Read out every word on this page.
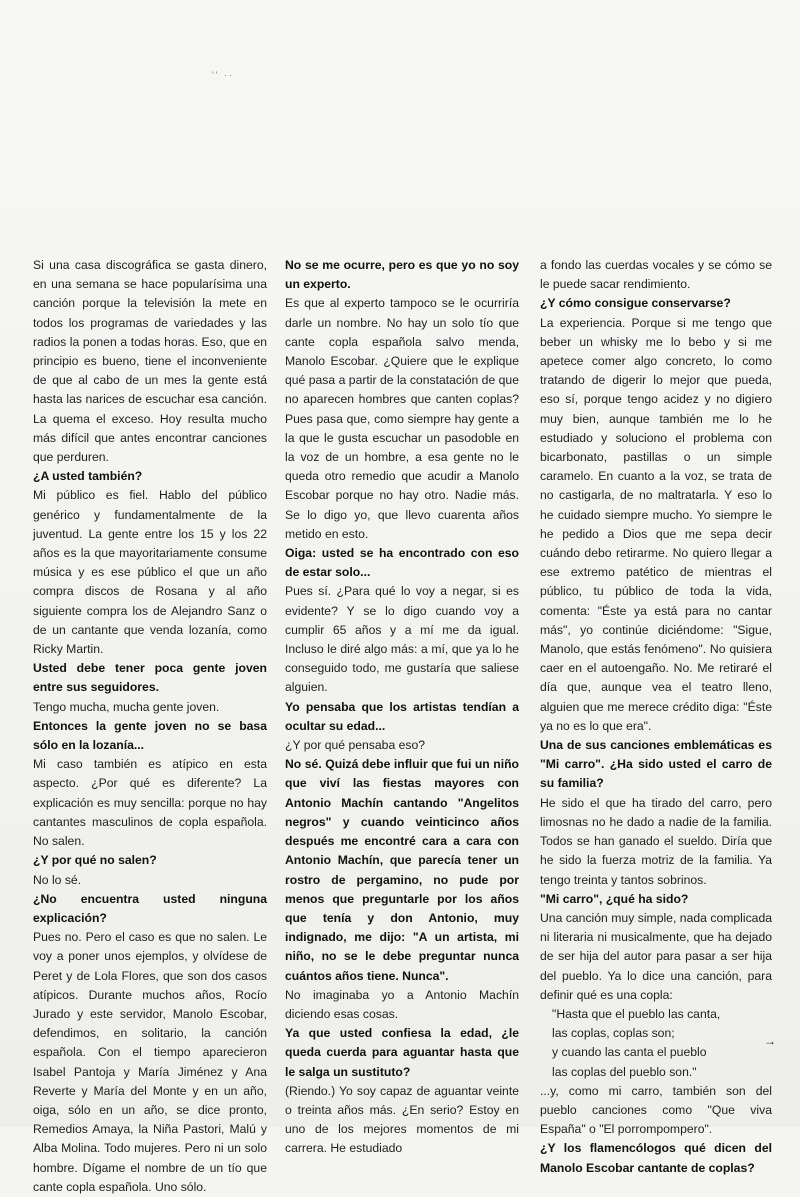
'' ··

Si una casa discográfica se gasta dinero, en una semana se hace popularísima una canción porque la televisión la mete en todos los programas de variedades y las radios la ponen a todas horas. Eso, que en principio es bueno, tiene el inconveniente de que al cabo de un mes la gente está hasta las narices de escuchar esa canción. La quema el exceso. Hoy resulta mucho más difícil que antes encontrar canciones que perduren.

¿A usted también?

Mi público es fiel. Hablo del público genérico y fundamentalmente de la juventud. La gente entre los 15 y los 22 años es la que mayoritariamente consume música y es ese público el que un año compra discos de Rosana y al año siguiente compra los de Alejandro Sanz o de un cantante que venda lozanía, como Ricky Martin.

Usted debe tener poca gente joven entre sus seguidores.

Tengo mucha, mucha gente joven.

Entonces la gente joven no se basa sólo en la lozanía...

Mi caso también es atípico en esta aspecto. ¿Por qué es diferente? La explicación es muy sencilla: porque no hay cantantes masculinos de copla española. No salen.

¿Y por qué no salen?

No lo sé.

¿No encuentra usted ninguna explicación?

Pues no. Pero el caso es que no salen. Le voy a poner unos ejemplos, y olvídese de Peret y de Lola Flores, que son dos casos atípicos. Durante muchos años, Rocío Jurado y este servidor, Manolo Escobar, defendimos, en solitario, la canción española. Con el tiempo aparecieron Isabel Pantoja y María Jiménez y Ana Reverte y María del Monte y en un año, oiga, sólo en un año, se dice pronto, Remedios Amaya, la Niña Pastori, Malú y Alba Molina. Todo mujeres. Pero ni un solo hombre. Dígame el nombre de un tío que cante copla española. Uno sólo.

No se me ocurre, pero es que yo no soy un experto.

Es que al experto tampoco se le ocurriría darle un nombre. No hay un solo tío que cante copla española salvo menda, Manolo Escobar. ¿Quiere que le explique qué pasa a partir de la constatación de que no aparecen hombres que canten coplas? Pues pasa que, como siempre hay gente a la que le gusta escuchar un pasodoble en la voz de un hombre, a esa gente no le queda otro remedio que acudir a Manolo Escobar porque no hay otro. Nadie más. Se lo digo yo, que llevo cuarenta años metido en esto.

Oiga: usted se ha encontrado con eso de estar solo...

Pues sí. ¿Para qué lo voy a negar, si es evidente? Y se lo digo cuando voy a cumplir 65 años y a mí me da igual. Incluso le diré algo más: a mí, que ya lo he conseguido todo, me gustaría que saliese alguien.

Yo pensaba que los artistas tendían a ocultar su edad...

¿Y por qué pensaba eso?

No sé. Quizá debe influir que fui un niño que viví las fiestas mayores con Antonio Machín cantando "Angelitos negros" y cuando veinticinco años después me encontré cara a cara con Antonio Machín, que parecía tener un rostro de pergamino, no pude por menos que preguntarle por los años que tenía y don Antonio, muy indignado, me dijo: "A un artista, mi niño, no se le debe preguntar nunca cuántos años tiene. Nunca".

No imaginaba yo a Antonio Machín diciendo esas cosas.

Ya que usted confiesa la edad, ¿le queda cuerda para aguantar hasta que le salga un sustituto?

(Riendo.) Yo soy capaz de aguantar veinte o treinta años más. ¿En serio? Estoy en uno de los mejores momentos de mi carrera. He estudiado

a fondo las cuerdas vocales y se cómo se le puede sacar rendimiento.

¿Y cómo consigue conservarse?

La experiencia. Porque si me tengo que beber un whisky me lo bebo y si me apetece comer algo concreto, lo como tratando de digerir lo mejor que pueda, eso sí, porque tengo acidez y no digiero muy bien, aunque también me lo he estudiado y soluciono el problema con bicarbonato, pastillas o un simple caramelo. En cuanto a la voz, se trata de no castigarla, de no maltratarla. Y eso lo he cuidado siempre mucho. Yo siempre le he pedido a Dios que me sepa decir cuándo debo retirarme. No quiero llegar a ese extremo patético de mientras el público, tu público de toda la vida, comenta: "Éste ya está para no cantar más", yo continúe diciéndome: "Sigue, Manolo, que estás fenómeno". No quisiera caer en el autoengaño. No. Me retiraré el día que, aunque vea el teatro lleno, alguien que me merece crédito diga: "Éste ya no es lo que era".

Una de sus canciones emblemáticas es "Mi carro". ¿Ha sido usted el carro de su familia?

He sido el que ha tirado del carro, pero limosnas no he dado a nadie de la familia. Todos se han ganado el sueldo. Diría que he sido la fuerza motriz de la familia. Ya tengo treinta y tantos sobrinos.

"Mi carro", ¿qué ha sido?

Una canción muy simple, nada complicada ni literaria ni musicalmente, que ha dejado de ser hija del autor para pasar a ser hija del pueblo. Ya lo dice una canción, para definir qué es una copla:

"Hasta que el pueblo las canta,

las coplas, coplas son;

y cuando las canta el pueblo

las coplas del pueblo son."

...y, como mi carro, también son del pueblo canciones como "Que viva España" o "El porrompompero".

¿Y los flamencólogos qué dicen del Manolo Escobar cantante de coplas?

→
